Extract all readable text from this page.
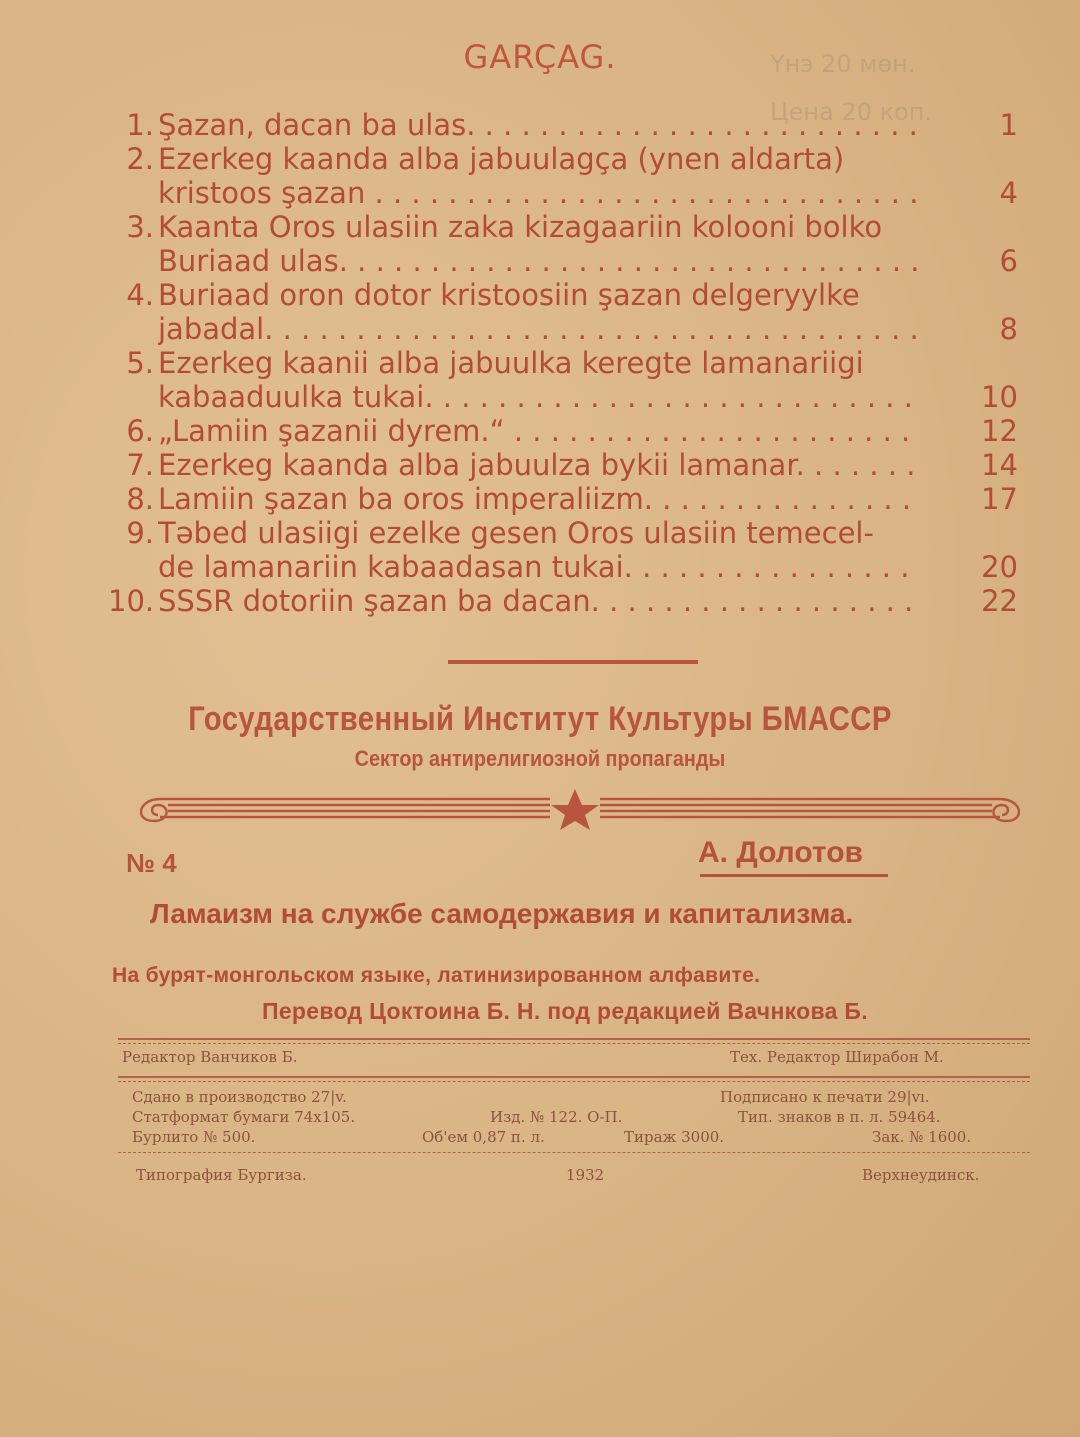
GARÇAG.	Үнэ 20 мөн.
Цена 20 коп.
1. Şazan, dacan ba ulas. . . .	1
2. Ezerkeg kaanda alba jabuulagça (ynen aldarta)
kristoos şazan . . .	4
3. Kaanta Oros ulasiin zaka kizagaariin kolooni bolko
Buriaad ulas. . . .	6
4. Buriaad oron dotor kristoosiin şazan delgeryylke
jabadal. . . .	8
5. Ezerkeg kaanii alba jabuulka keregte lamanariigi
kabaaduulka tukai. . . .	10
6. „Lamiin şazanii dyrem.“ . . .	12
7. Ezerkeg kaanda alba jabuulza bykii lamanar. . . .	14
8. Lamiin şazan ba oros imperaliizm. . . .	17
9. Təbed ulasiigi ezelke gesen Oros ulasiin temecel-
de lamanariin kabaadasan tukai. . . .	20
10. SSSR dotoriin şazan ba dacan. . . .	22
Государственный Институт Культуры БМАССР
Сектор антирелигиозной пропаганды
№ 4	А. Долотов
Ламаизм на службе самодержавия и капитализма.
На бурят-монгольском языке, латинизированном алфавите.
Перевод Цоктоина Б. Н. под редакцией Вачнкова Б.
Редактор Ванчиков Б.	Тех. Редактор Ширабон М.
Сдано в производство 27|v.	Подписано к печати 29|vı.
Статформат бумаги 74x105.	Изд. № 122. О-П.	Тип. знаков в п. л. 59464.
Бурлито № 500.	Об'ем 0,87 п. л.	Тираж 3000.	Зак. № 1600.
Типография Бургиза.	1932	Верхнеудинск.
